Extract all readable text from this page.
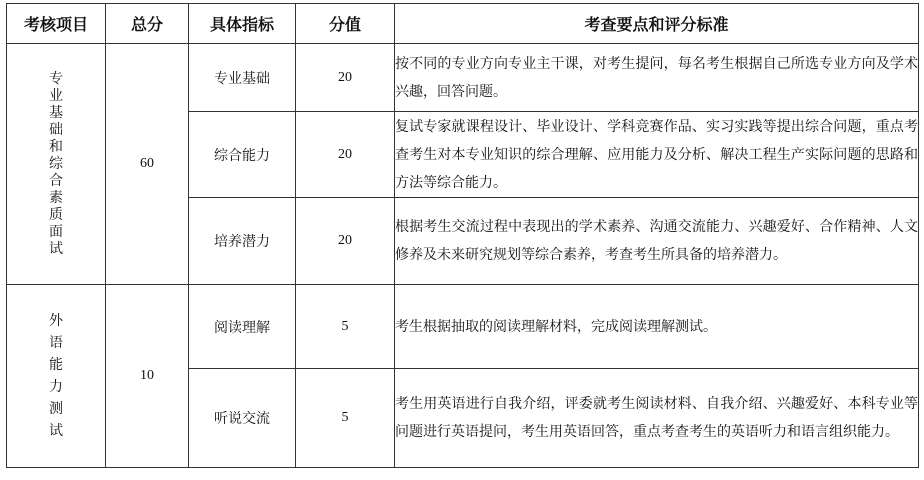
考核项目	总分	具体指标	分值	考查要点和评分标准
专业基础和综合素质面试	60	专业基础	20	按不同的专业方向专业主干课，对考生提问，每名考生根据自己所选专业方向及学术兴趣，回答问题。
		综合能力	20	复试专家就课程设计、毕业设计、学科竞赛作品、实习实践等提出综合问题，重点考查考生对本专业知识的综合理解、应用能力及分析、解决工程生产实际问题的思路和方法等综合能力。
		培养潜力	20	根据考生交流过程中表现出的学术素养、沟通交流能力、兴趣爱好、合作精神、人文修养及未来研究规划等综合素养，考查考生所具备的培养潜力。
外语能力测试	10	阅读理解	5	考生根据抽取的阅读理解材料，完成阅读理解测试。
		听说交流	5	考生用英语进行自我介绍，评委就考生阅读材料、自我介绍、兴趣爱好、本科专业等问题进行英语提问，考生用英语回答，重点考查考生的英语听力和语言组织能力。
